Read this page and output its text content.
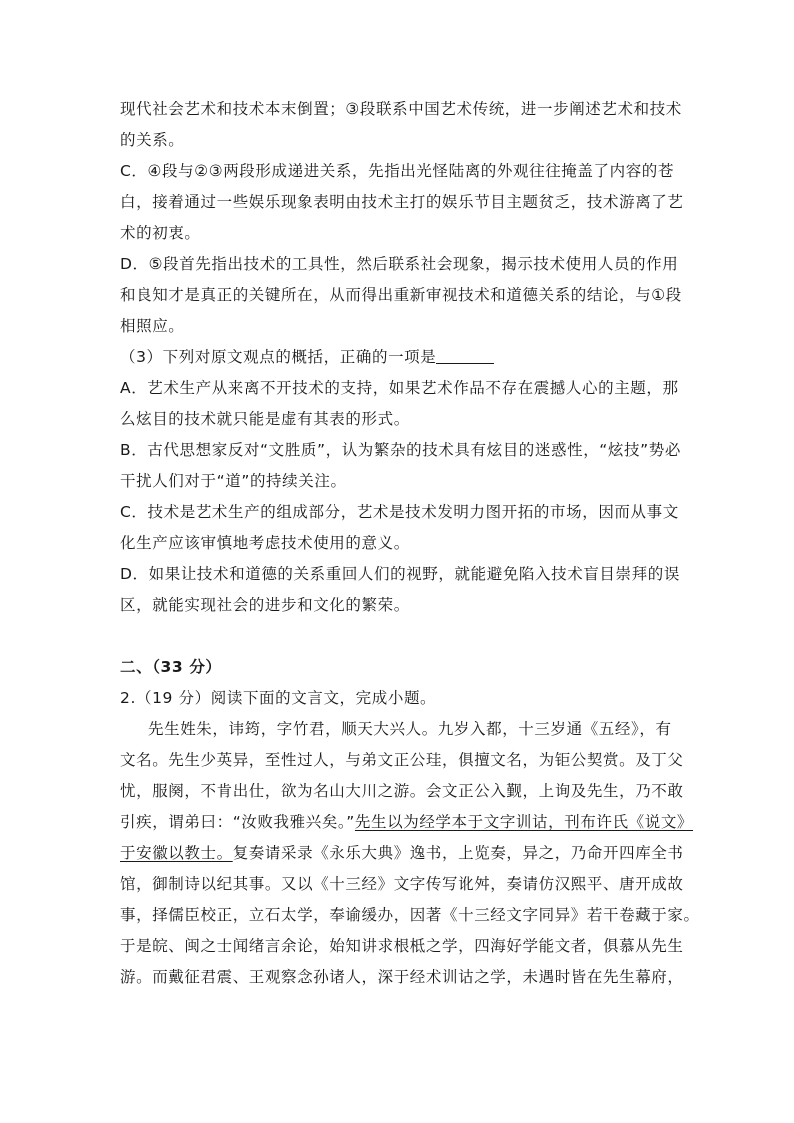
现代社会艺术和技术本末倒置；③段联系中国艺术传统，进一步阐述艺术和技术
的关系。
C．④段与②③两段形成递进关系，先指出光怪陆离的外观往往掩盖了内容的苍
白，接着通过一些娱乐现象表明由技术主打的娱乐节目主题贫乏，技术游离了艺
术的初衷。
D．⑤段首先指出技术的工具性，然后联系社会现象，揭示技术使用人员的作用
和良知才是真正的关键所在，从而得出重新审视技术和道德关系的结论，与①段
相照应。
（3）下列对原文观点的概括，正确的一项是
A．艺术生产从来离不开技术的支持，如果艺术作品不存在震撼人心的主题，那
么炫目的技术就只能是虚有其表的形式。
B．古代思想家反对“文胜质”，认为繁杂的技术具有炫目的迷惑性，“炫技”势必
干扰人们对于“道”的持续关注。
C．技术是艺术生产的组成部分，艺术是技术发明力图开拓的市场，因而从事文
化生产应该审慎地考虑技术使用的意义。
D．如果让技术和道德的关系重回人们的视野，就能避免陷入技术盲目崇拜的误
区，就能实现社会的进步和文化的繁荣。
二、（33 分）
2.（19 分）阅读下面的文言文，完成小题。
先生姓朱，讳筠，字竹君，顺天大兴人。九岁入都，十三岁通《五经》，有
文名。先生少英异，至性过人，与弟文正公珪，俱擅文名，为钜公契赏。及丁父
忧，服阕，不肯出仕，欲为名山大川之游。会文正公入觐，上询及先生，乃不敢
引疾，谓弟曰：“汝败我雅兴矣。”先生以为经学本于文字训诂，刊布许氏《说文》
于安徽以教士。复奏请采录《永乐大典》逸书，上览奏，异之，乃命开四库全书
馆，御制诗以纪其事。又以《十三经》文字传写讹舛，奏请仿汉熙平、唐开成故
事，择儒臣校正，立石太学，奉谕缓办，因著《十三经文字同异》若干卷藏于家。
于是皖、闽之士闻绪言余论，始知讲求根柢之学，四海好学能文者，俱慕从先生
游。而戴征君震、王观察念孙诸人，深于经术训诂之学，未遇时皆在先生幕府，
